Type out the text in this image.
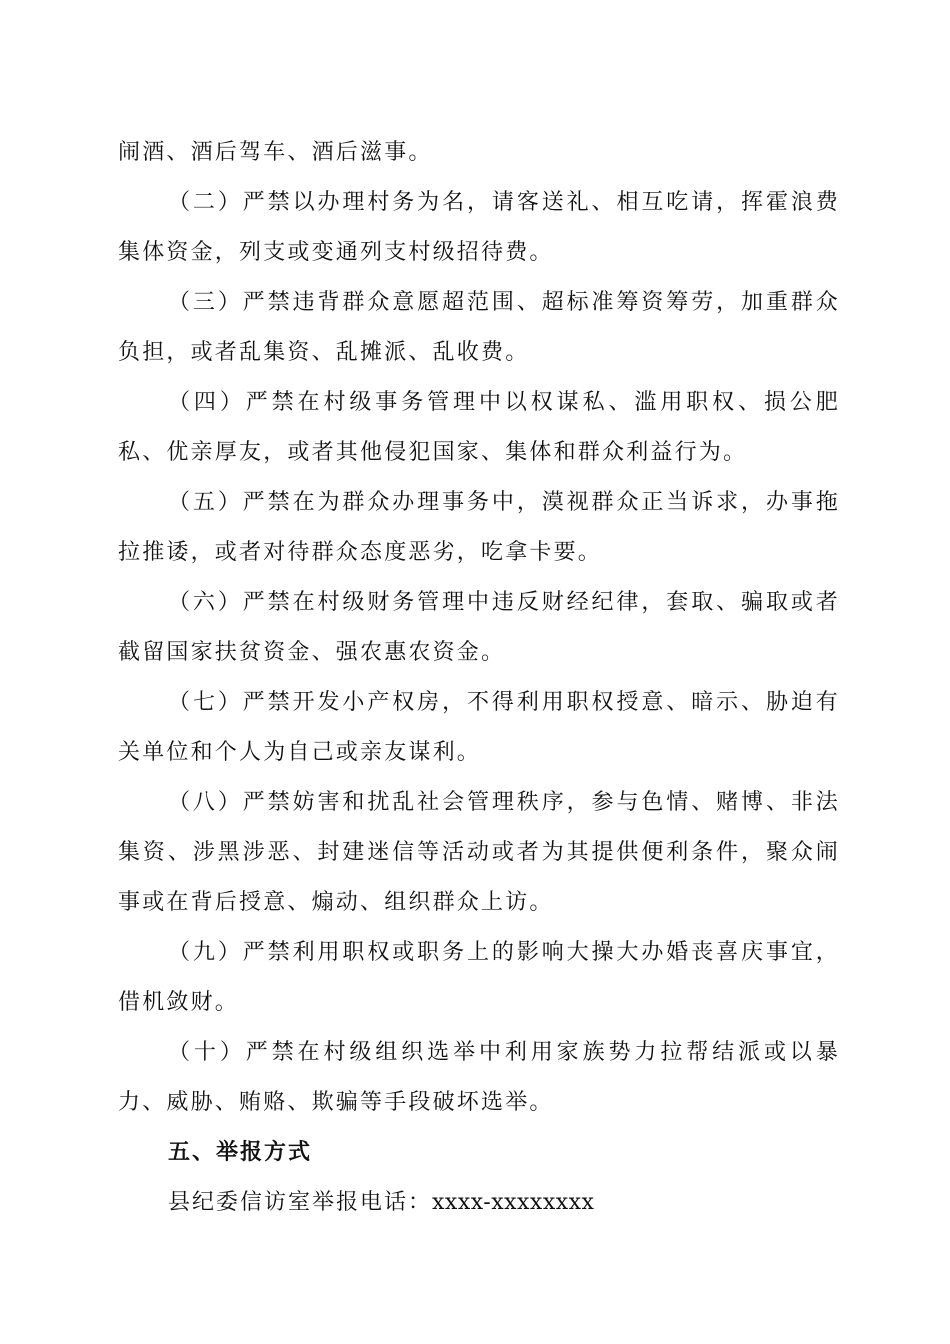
闹酒、酒后驾车、酒后滋事。

（二）严禁以办理村务为名，请客送礼、相互吃请，挥霍浪费集体资金，列支或变通列支村级招待费。

（三）严禁违背群众意愿超范围、超标准筹资筹劳，加重群众负担，或者乱集资、乱摊派、乱收费。

（四）严禁在村级事务管理中以权谋私、滥用职权、损公肥私、优亲厚友，或者其他侵犯国家、集体和群众利益行为。

（五）严禁在为群众办理事务中，漠视群众正当诉求，办事拖拉推诿，或者对待群众态度恶劣，吃拿卡要。

（六）严禁在村级财务管理中违反财经纪律，套取、骗取或者截留国家扶贫资金、强农惠农资金。

（七）严禁开发小产权房，不得利用职权授意、暗示、胁迫有关单位和个人为自己或亲友谋利。

（八）严禁妨害和扰乱社会管理秩序，参与色情、赌博、非法集资、涉黑涉恶、封建迷信等活动或者为其提供便利条件，聚众闹事或在背后授意、煽动、组织群众上访。

（九）严禁利用职权或职务上的影响大操大办婚丧喜庆事宜，借机敛财。

（十）严禁在村级组织选举中利用家族势力拉帮结派或以暴力、威胁、贿赂、欺骗等手段破坏选举。

五、举报方式

县纪委信访室举报电话：xxxx-xxxxxxxx
